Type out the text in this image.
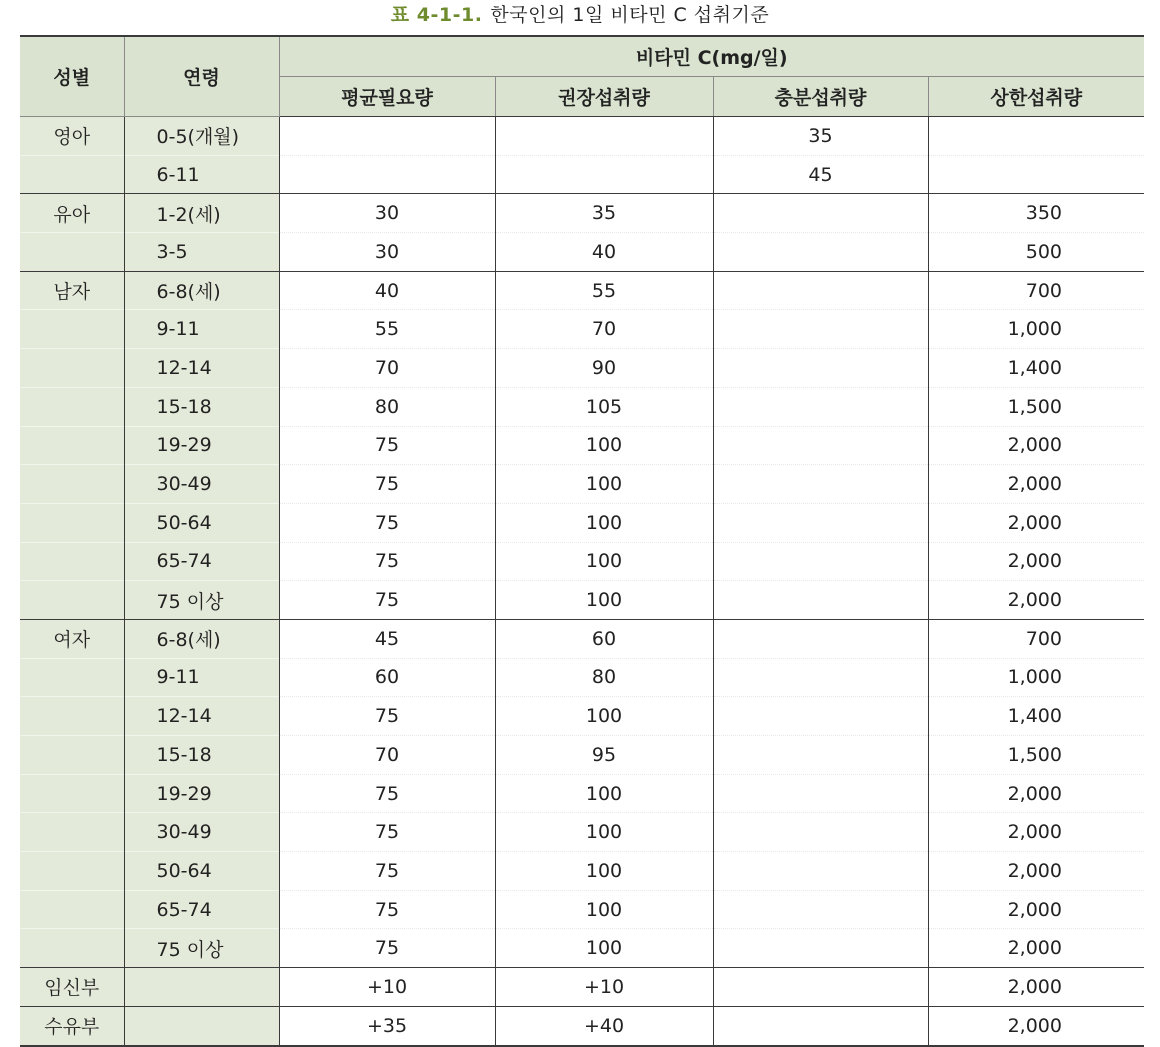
표 4-1-1. 한국인의 1일 비타민 C 섭취기준
성별	연령	비타민 C(mg/일)			
		평균필요량	권장섭취량	충분섭취량	상한섭취량
영아	0-5(개월)			35	
	6-11			45	
유아	1-2(세)	30	35		350
	3-5	30	40		500
남자	6-8(세)	40	55		700
	9-11	55	70		1,000
	12-14	70	90		1,400
	15-18	80	105		1,500
	19-29	75	100		2,000
	30-49	75	100		2,000
	50-64	75	100		2,000
	65-74	75	100		2,000
	75 이상	75	100		2,000
여자	6-8(세)	45	60		700
	9-11	60	80		1,000
	12-14	75	100		1,400
	15-18	70	95		1,500
	19-29	75	100		2,000
	30-49	75	100		2,000
	50-64	75	100		2,000
	65-74	75	100		2,000
	75 이상	75	100		2,000
임신부		+10	+10		2,000
수유부		+35	+40		2,000
